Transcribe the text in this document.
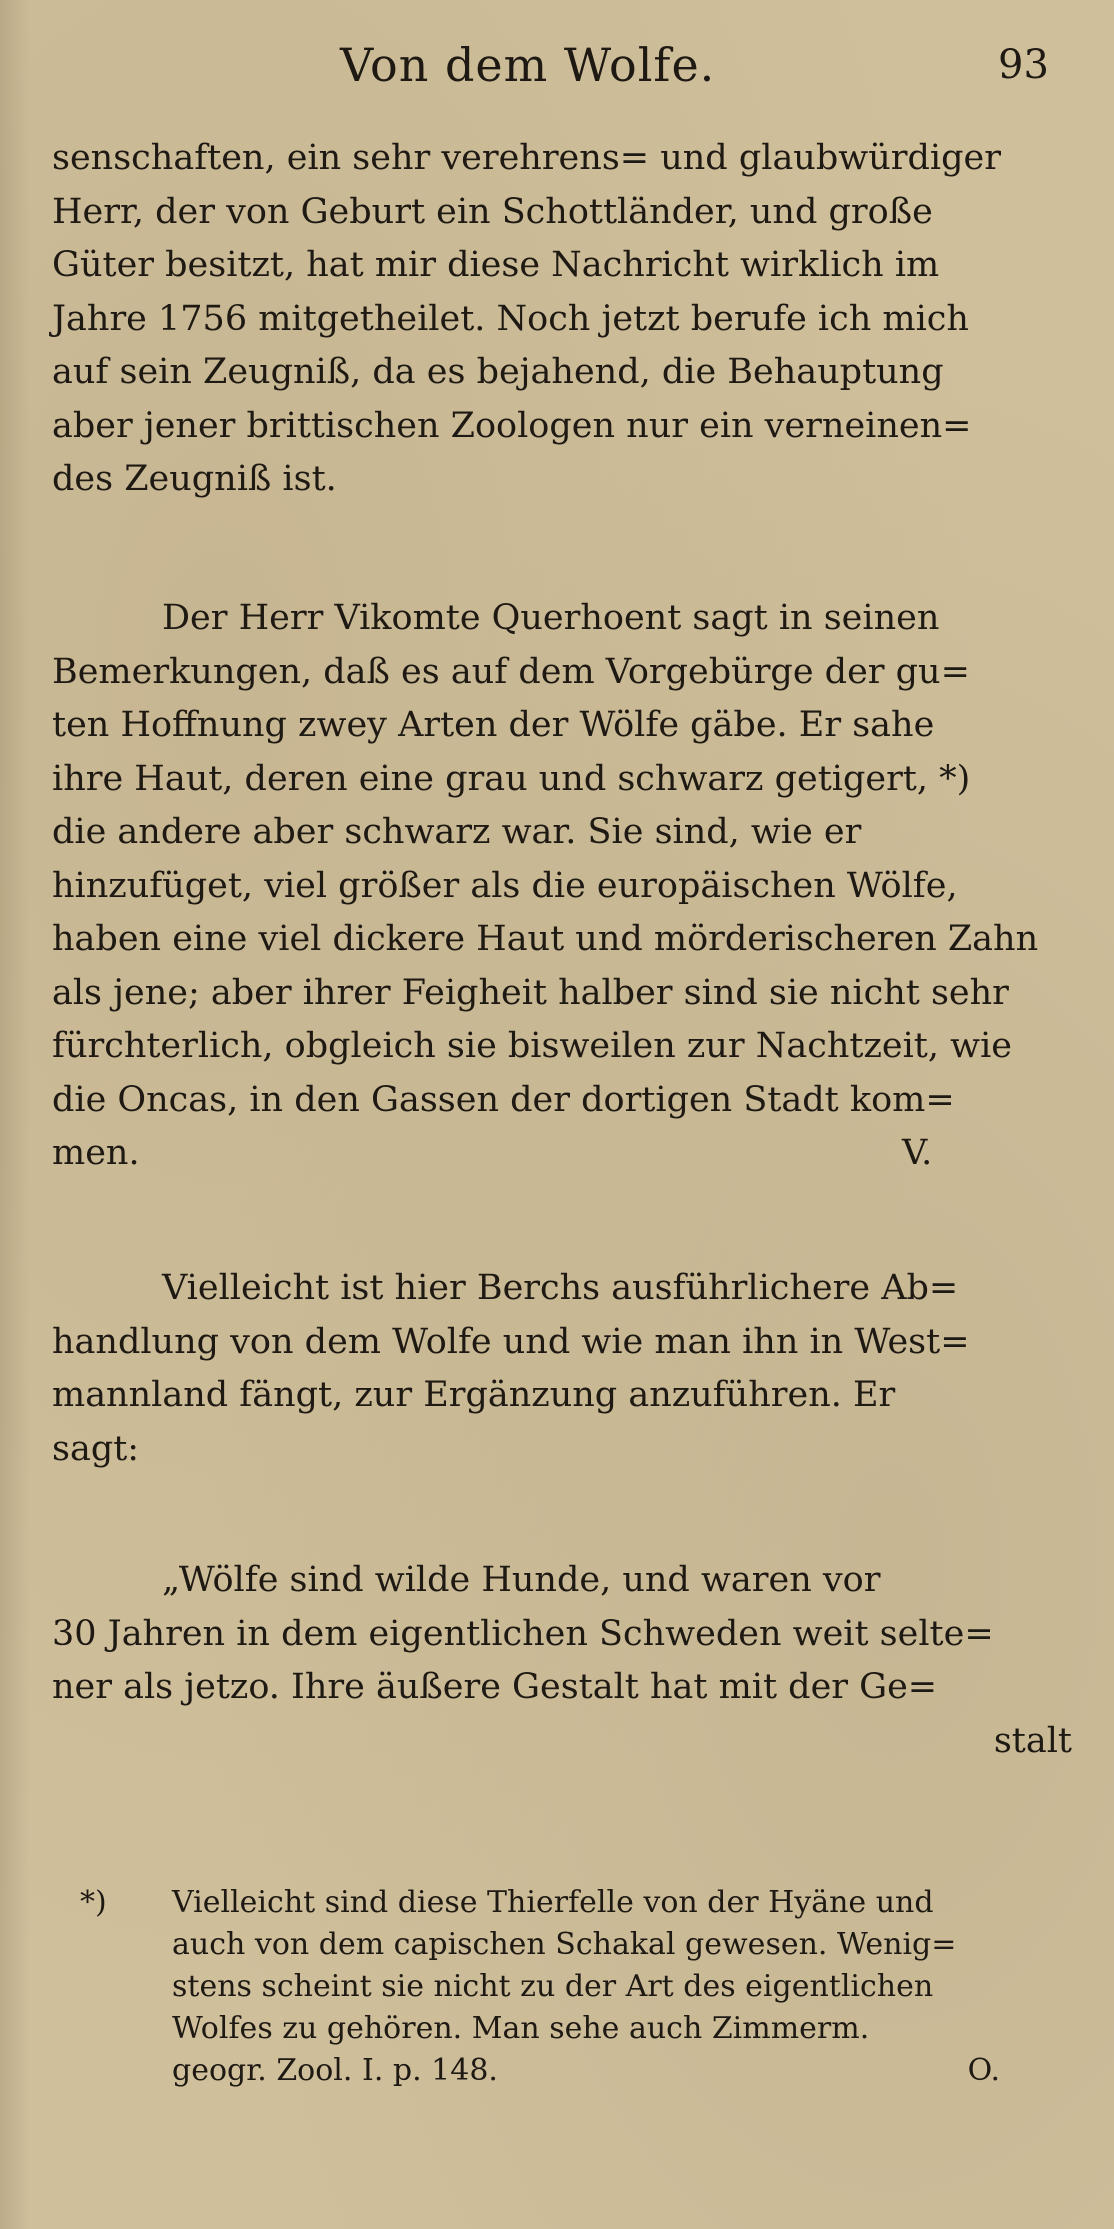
Von dem Wolfe.	93
senschaften, ein sehr verehrens= und glaubwürdiger
Herr, der von Geburt ein Schottländer, und große
Güter besitzt, hat mir diese Nachricht wirklich im
Jahre 1756 mitgetheilet. Noch jetzt berufe ich mich
auf sein Zeugniß, da es bejahend, die Behauptung
aber jener brittischen Zoologen nur ein verneinen=
des Zeugniß ist.
Der Herr Vikomte Querhoent sagt in seinen
Bemerkungen, daß es auf dem Vorgebürge der gu=
ten Hoffnung zwey Arten der Wölfe gäbe. Er sahe
ihre Haut, deren eine grau und schwarz getigert, *)
die andere aber schwarz war. Sie sind, wie er
hinzufüget, viel größer als die europäischen Wölfe,
haben eine viel dickere Haut und mörderischeren Zahn
als jene; aber ihrer Feigheit halber sind sie nicht sehr
fürchterlich, obgleich sie bisweilen zur Nachtzeit, wie
die Oncas, in den Gassen der dortigen Stadt kom=
men.	V.
Vielleicht ist hier Berchs ausführlichere Ab=
handlung von dem Wolfe und wie man ihn in West=
mannland fängt, zur Ergänzung anzuführen. Er
sagt:
„Wölfe sind wilde Hunde, und waren vor
30 Jahren in dem eigentlichen Schweden weit selte=
ner als jetzo. Ihre äußere Gestalt hat mit der Ge=
stalt
*) Vielleicht sind diese Thierfelle von der Hyäne und
auch von dem capischen Schakal gewesen. Wenig=
stens scheint sie nicht zu der Art des eigentlichen
Wolfes zu gehören. Man sehe auch Zimmerm.
geogr. Zool. I. p. 148.	O.
